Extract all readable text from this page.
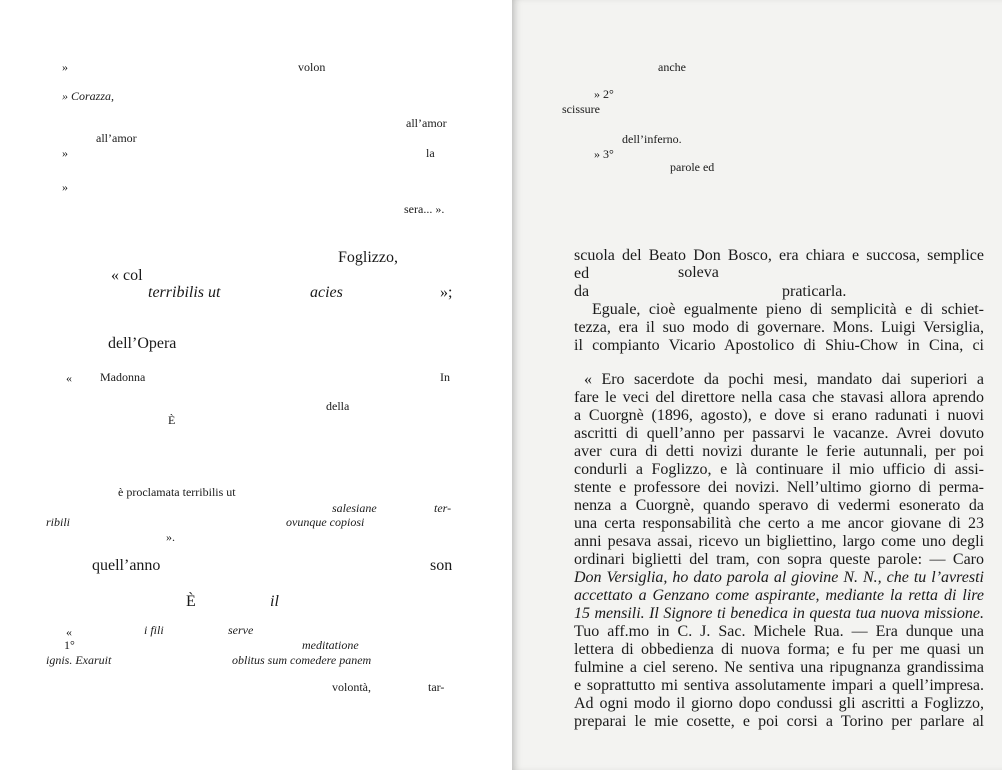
»	volon
» Corazza,
all’amor
all’amor
»	la
»
sera... ».
Foglizzo,
« col
terribilis ut	acies	»;
dell’Opera
« Madonna	In
della
È
è proclamata terribilis ut
salesiane	ter-
ribili	ovunque copiosi
».
quell’anno	son
È	il
«	i fili	serve
1°	meditatione
ignis. Exaruit	oblitus sum comedere panem
volontà,	tar-
anche
» 2°
scissure
dell’inferno.
» 3°
parole ed
scuola del Beato Don Bosco, era chiara e succosa, semplice
ed	soleva
da	praticarla.
Eguale, cioè egualmente pieno di semplicità e di schiet-
tezza, era il suo modo di governare. Mons. Luigi Versiglia,
il compianto Vicario Apostolico di Shiu-Chow in Cina, ci
« Ero sacerdote da pochi mesi, mandato dai superiori a
fare le veci del direttore nella casa che stavasi allora aprendo
a Cuorgnè (1896, agosto), e dove si erano radunati i nuovi
ascritti di quell’anno per passarvi le vacanze. Avrei dovuto
aver cura di detti novizi durante le ferie autunnali, per poi
condurli a Foglizzo, e là continuare il mio ufficio di assi-
stente e professore dei novizi. Nell’ultimo giorno di perma-
nenza a Cuorgnè, quando speravo di vedermi esonerato da
una certa responsabilità che certo a me ancor giovane di 23
anni pesava assai, ricevo un bigliettino, largo come uno degli
ordinari biglietti del tram, con sopra queste parole: — Caro
Don Versiglia, ho dato parola al giovine N. N., che tu l’avresti
accettato a Genzano come aspirante, mediante la retta di lire
15 mensili. Il Signore ti benedica in questa tua nuova missione.
Tuo aff.mo in C. J. Sac. Michele Rua. — Era dunque una
lettera di obbedienza di nuova forma; e fu per me quasi un
fulmine a ciel sereno. Ne sentiva una ripugnanza grandissima
e soprattutto mi sentiva assolutamente impari a quell’impresa.
Ad ogni modo il giorno dopo condussi gli ascritti a Foglizzo,
preparai le mie cosette, e poi corsi a Torino per parlare al
